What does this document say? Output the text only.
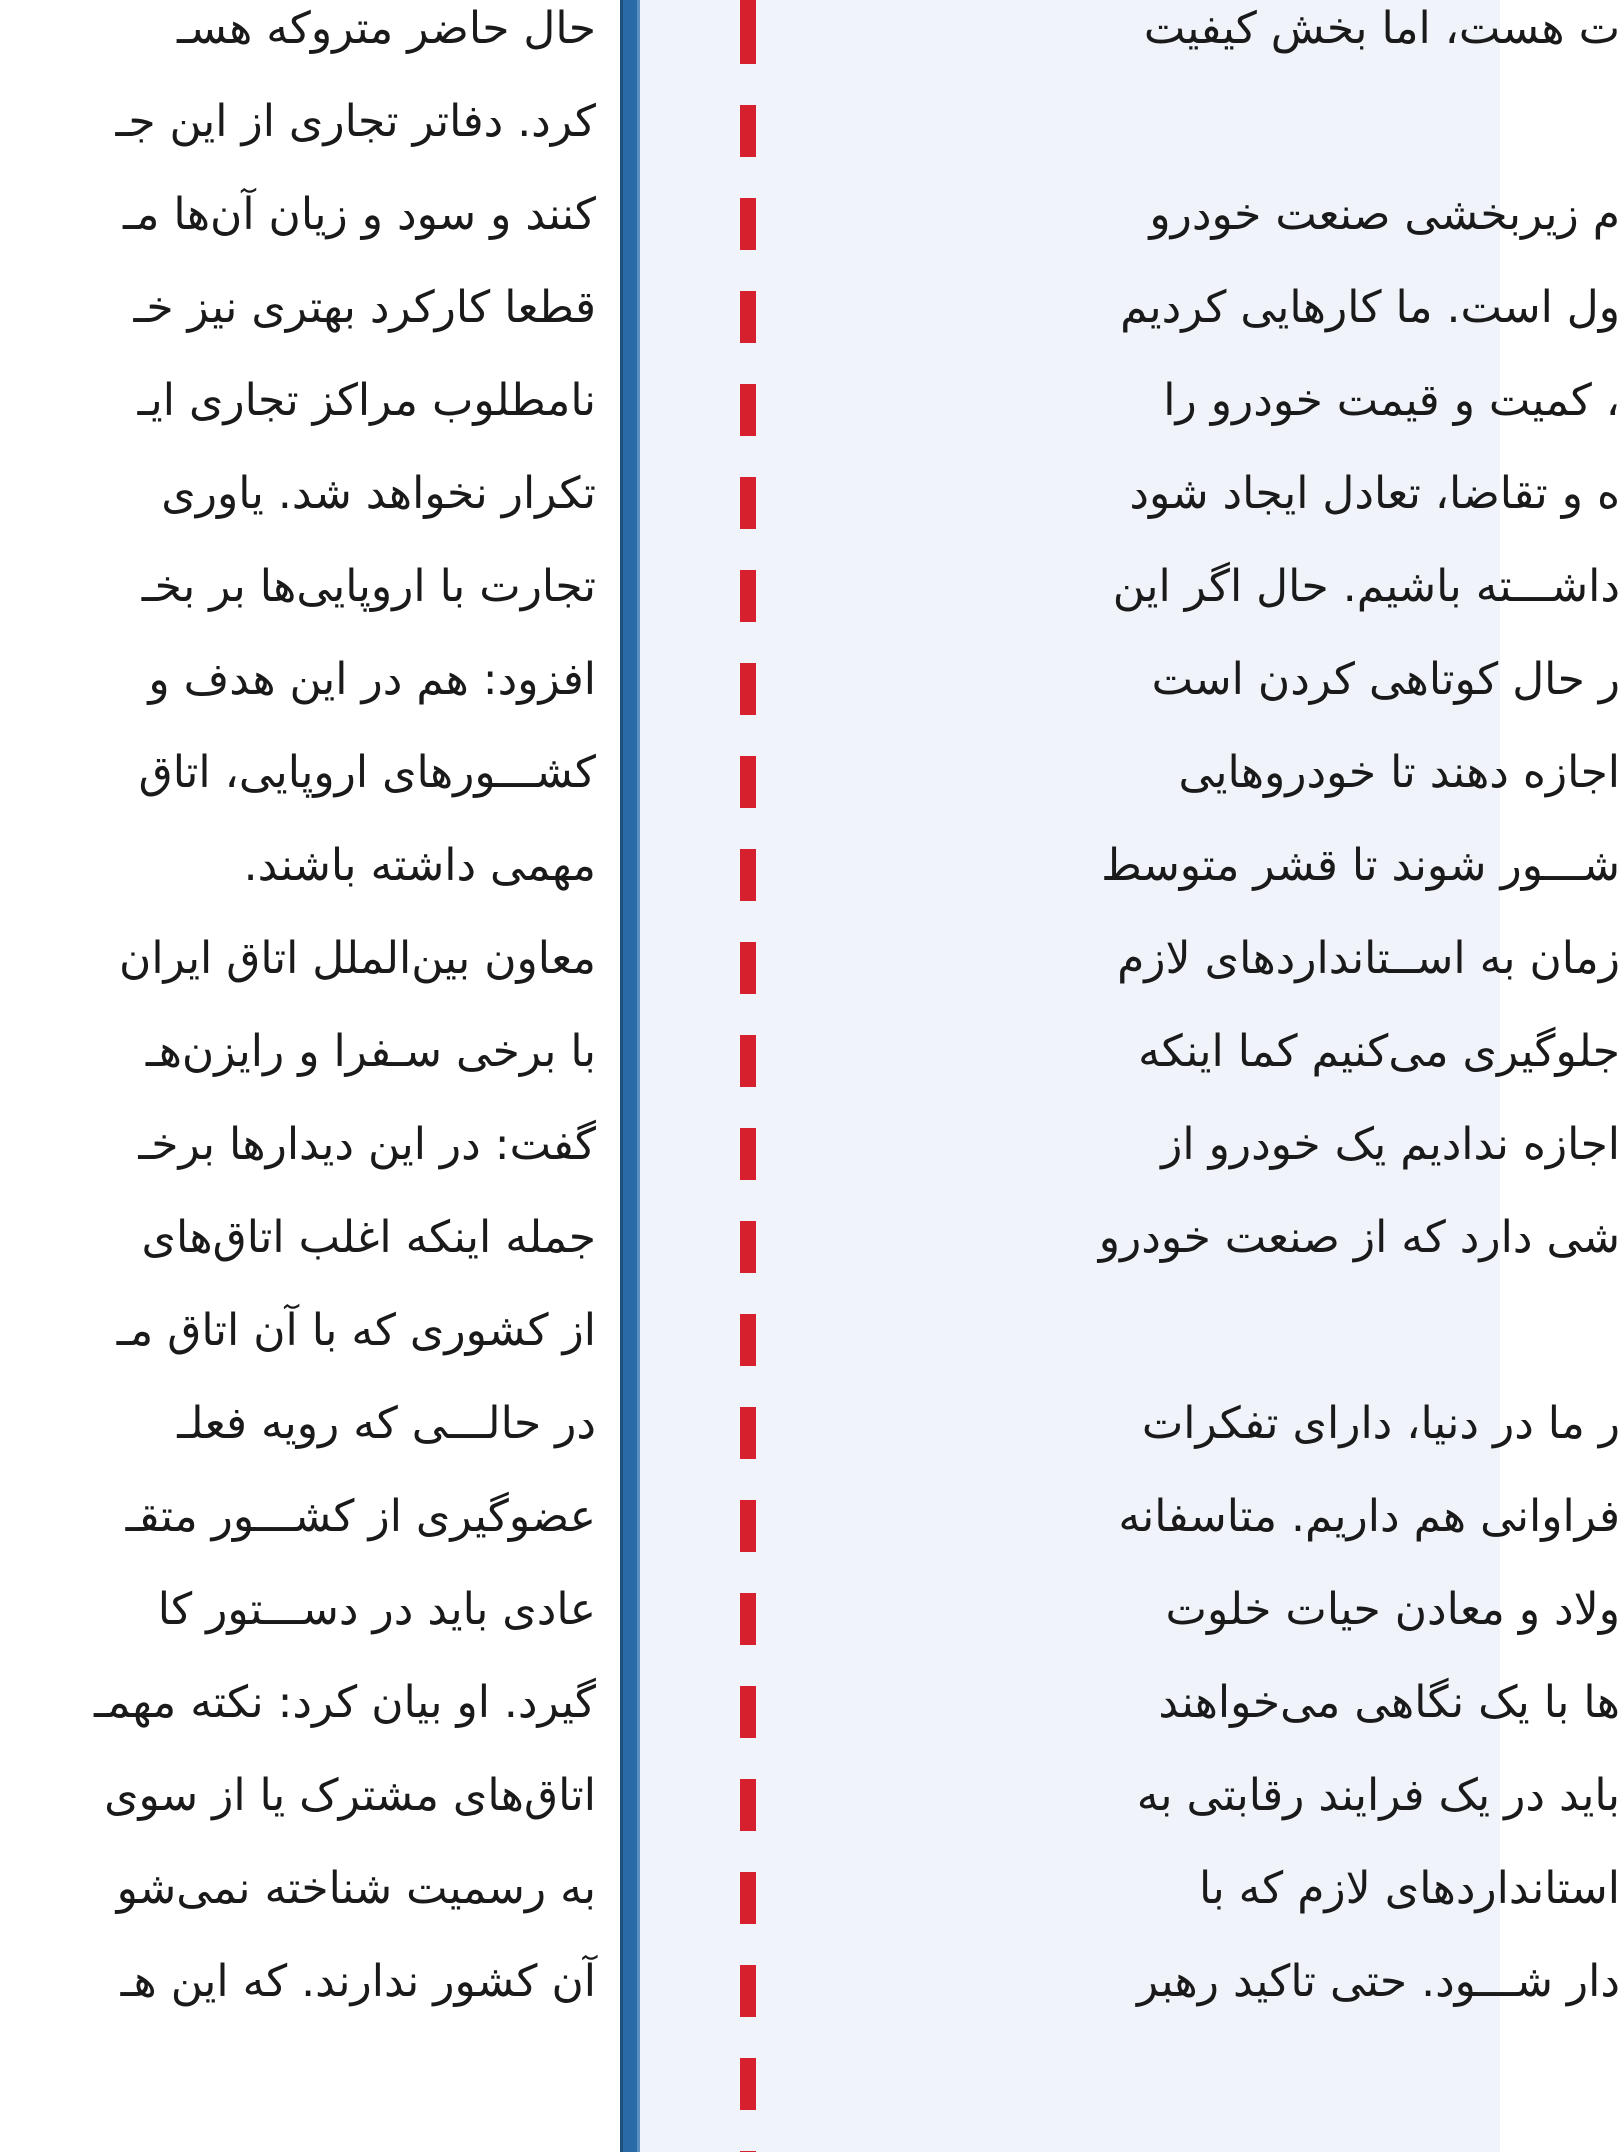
حال حاضر متروکه هسـ
کرد. دفاتر تجاری از این جـ
کنند و سود و زیان آن‌ها مـ
قطعا کارکرد بهتری نیز خـ
نامطلوب مراکز تجاری ایـ
تکرار نخواهد شد. یاوری
تجارت با اروپایی‌ها بر بخـ
افزود: هم در این هدف و
کشـــورهای اروپایی، اتاق
مهمی داشته باشند.
معاون بین‌الملل اتاق ایران
با برخی سـفرا و رایزن‌هـ
گفت: در این دیدارها برخـ
جمله اینکه اغلب اتاق‌های
از کشوری که با آن اتاق مـ
در حالـــی که رویه فعلـ
عضوگیری از کشـــور متقـ
عادی باید در دســـتور کا
گیرد. او بیان کرد: نکته مهمـ
اتاق‌های مشترک یا از سوی
به رسمیت شناخته نمی‌شو
آن کشور ندارند. که این هـ
ت هست، اما بخش کیفیت
م زیربخشی صنعت خودرو
ول است. ما کارهایی کردیم
، کمیت و قیمت خودرو را
ه و تقاضا، تعادل ایجاد شود
داشـــته باشیم. حال اگر این
ر حال کوتاهی کردن است
اجازه دهند تا خودروهایی
شـــور شوند تا قشر متوسط
زمان به اســتانداردهای لازم
جلوگیری می‌کنیم کما اینکه
اجازه ندادیم یک خودرو از
شی دارد که از صنعت خودرو
ر ما در دنیا، دارای تفکرات
فراوانی هم داریم. متاسفانه
ولاد و معادن حیات خلوت
ها با یک نگاهی می‌خواهند
باید در یک فرایند رقابتی به
استانداردهای لازم که با
دار شـــود. حتی تاکید رهبر
